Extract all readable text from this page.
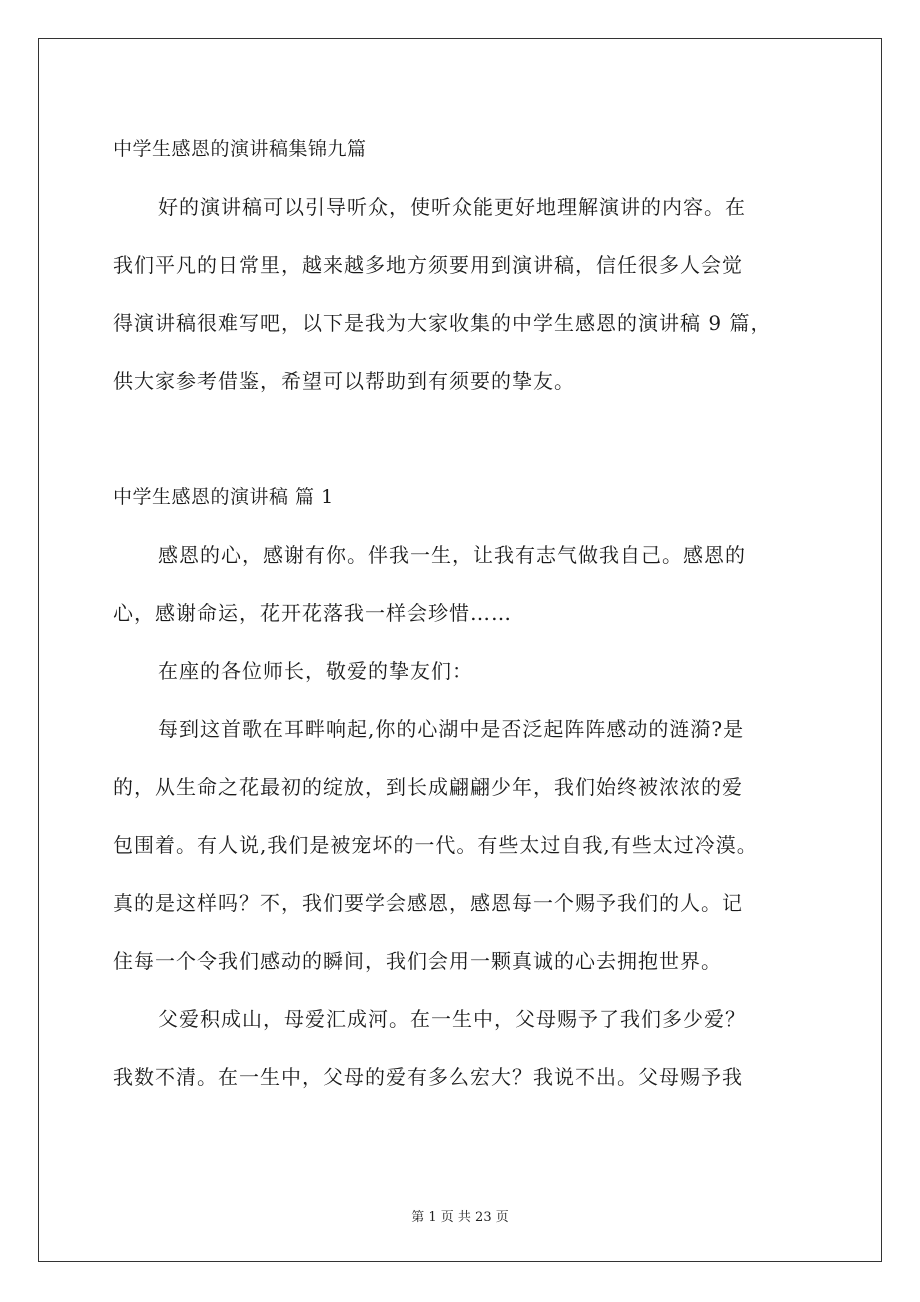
中学生感恩的演讲稿集锦九篇
好的演讲稿可以引导听众，使听众能更好地理解演讲的内容。在
我们平凡的日常里，越来越多地方须要用到演讲稿，信任很多人会觉
得演讲稿很难写吧，以下是我为大家收集的中学生感恩的演讲稿 9 篇，
供大家参考借鉴，希望可以帮助到有须要的挚友。
中学生感恩的演讲稿 篇 1
感恩的心，感谢有你。伴我一生，让我有志气做我自己。感恩的
心，感谢命运，花开花落我一样会珍惜……
在座的各位师长，敬爱的挚友们：
每到这首歌在耳畔响起,你的心湖中是否泛起阵阵感动的涟漪?是
的，从生命之花最初的绽放，到长成翩翩少年，我们始终被浓浓的爱
包围着。有人说,我们是被宠坏的一代。有些太过自我,有些太过冷漠。
真的是这样吗？不，我们要学会感恩，感恩每一个赐予我们的人。记
住每一个令我们感动的瞬间，我们会用一颗真诚的心去拥抱世界。
父爱积成山，母爱汇成河。在一生中，父母赐予了我们多少爱？
我数不清。在一生中，父母的爱有多么宏大？我说不出。父母赐予我
第 1 页 共 23 页
